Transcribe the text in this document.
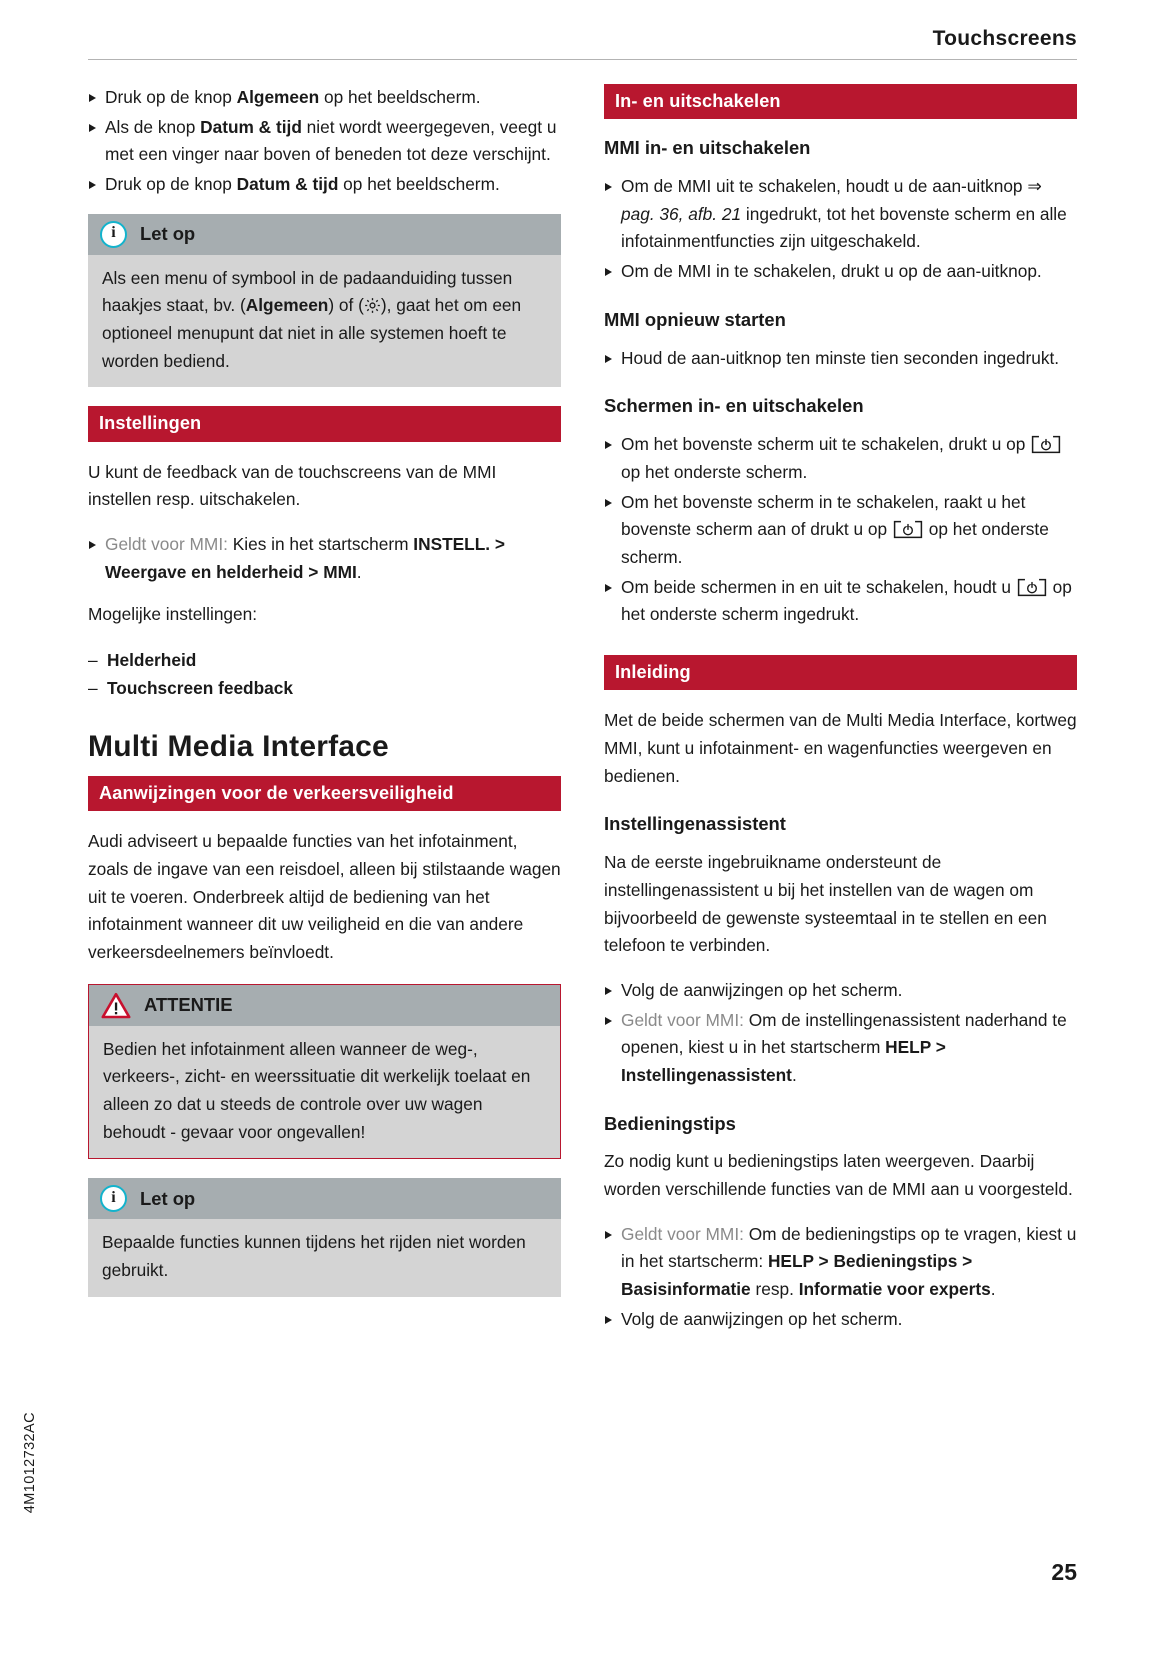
Touchscreens
4M1012732AC
25
Druk op de knop Algemeen op het beeldscherm.
Als de knop Datum & tijd niet wordt weergegeven, veegt u met een vinger naar boven of beneden tot deze verschijnt.
Druk op de knop Datum & tijd op het beeldscherm.
i Let op
Als een menu of symbool in de padaanduiding tussen haakjes staat, bv. (Algemeen) of ( ), gaat het om een optioneel menupunt dat niet in alle systemen hoeft te worden bediend.
Instellingen

U kunt de feedback van de touchscreens van de MMI instellen resp. uitschakelen.

Geldt voor MMI: Kies in het startscherm INSTELL. > Weergave en helderheid > MMI.

Mogelijke instellingen:

– Helderheid
– Touchscreen feedback
Multi Media Interface
Aanwijzingen voor de verkeersveiligheid

Audi adviseert u bepaalde functies van het infotainment, zoals de ingave van een reisdoel, alleen bij stilstaande wagen uit te voeren. Onderbreek altijd de bediening van het infotainment wanneer dit uw veiligheid en die van andere verkeersdeelnemers beïnvloedt.

ATTENTIE
Bedien het infotainment alleen wanneer de weg-, verkeers-, zicht- en weerssituatie dit werkelijk toelaat en alleen zo dat u steeds de controle over uw wagen behoudt - gevaar voor ongevallen!
i Let op
Bepaalde functies kunnen tijdens het rijden niet worden gebruikt.
In- en uitschakelen
MMI in- en uitschakelen
Om de MMI uit te schakelen, houdt u de aan-uitknop ⇒ pag. 36, afb. 21 ingedrukt, tot het bovenste scherm en alle infotainmentfuncties zijn uitgeschakeld.
Om de MMI in te schakelen, drukt u op de aan-uitknop.
MMI opnieuw starten
Houd de aan-uitknop ten minste tien seconden ingedrukt.
Schermen in- en uitschakelen
Om het bovenste scherm uit te schakelen, drukt u op
op het onderste scherm.
Om het bovenste scherm in te schakelen, raakt u het bovenste scherm aan of drukt u op
op het onderste scherm.
Om beide schermen in en uit te schakelen, houdt u
op het onderste scherm ingedrukt.
Inleiding

Met de beide schermen van de Multi Media Interface, kortweg MMI, kunt u infotainment- en wagenfuncties weergeven en bedienen.

Instellingenassistent

Na de eerste ingebruikname ondersteunt de instellingenassistent u bij het instellen van de wagen om bijvoorbeeld de gewenste systeemtaal in te stellen en een telefoon te verbinden.

Volg de aanwijzingen op het scherm.
Geldt voor MMI: Om de instellingenassistent naderhand te openen, kiest u in het startscherm HELP > Instellingenassistent.
Bedieningstips

Zo nodig kunt u bedieningstips laten weergeven. Daarbij worden verschillende functies van de MMI aan u voorgesteld.

Geldt voor MMI: Om de bedieningstips op te vragen, kiest u in het startscherm: HELP > Bedieningstips > Basisinformatie resp. Informatie voor experts.
Volg de aanwijzingen op het scherm.
